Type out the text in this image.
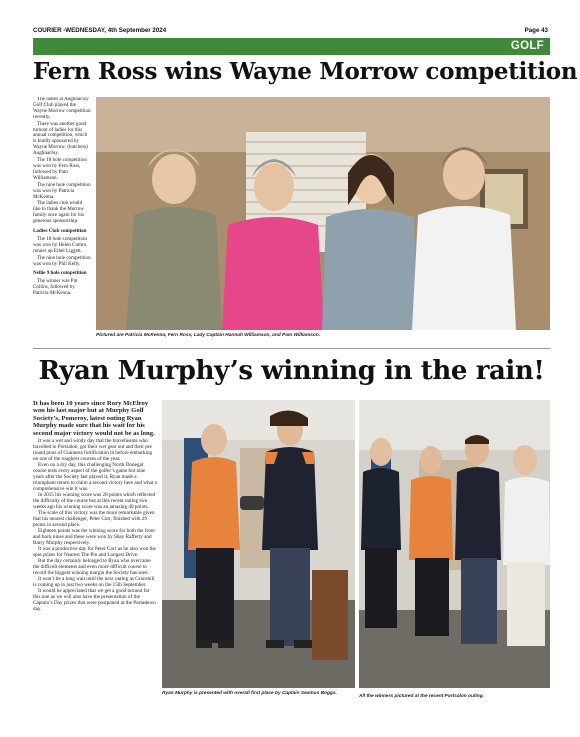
COURIER -WEDNESDAY, 4th September 2024	Page 43
GOLF
Fern Ross wins Wayne Morrow competition

The ladies at Aughnacloy Golf Club played the Wayne Morrow competition recently.

There was another good turnout of ladies for this annual competition, which is kindly sponsored by Wayne Morrow, (butchers) Aughnacloy.

The 18 hole competition was won by Fern Ross, followed by Pam Williamson.

The nine hole competition was won by Patricia McKenna.

The ladies club would like to thank the Morrow family once again for his generous sponsorship.

Ladies Club competition

The 18 hole competition was won by Helen Cuthro, runner up Ethel Liggett.

The nine hole competition was won by Phil Kelly.

Nellie 9 hole competition

The winner was Pat Collins, followed by Patricia McKenna.

Pictured are Patricia McKenna, Fern Ross, Lady Captain Hannah Williamson, and Pam Williamson.
Ryan Murphy’s winning in the rain!

It has been 10 years since Rory McElroy won his last major but at Murphy Golf Society’s, Pomeroy, latest outing Ryan Murphy made sure that his wait for his second major victory would not be as long.

It was a wet and windy day that the braveheams who travelled to Portsalon, got their wet gear out and their pre round pints of Guinness fortification in before embarking on one of the toughest courses of the year.

Even on a dry day, this challenging North Donegal course tests every aspect of the golfer’s game but nine years after the Society last played it, Ryan made a triumphant return to claim a second victory here and what a comprehensive win it was.

In 2015 his winning score was 28 points which reflected the difficulty of the course but at this recent outing two weeks ago his winning score was an amazing 40 points.

The scale of this victory was the more remarkable given that his nearest challenger, Peter Corr, finished with 29 points in second place.

Eighteen points was the winning score for both the front and back nines and these were won by Shay Rafferty and Barry Murphy respectively.

It was a productive day for Peter Corr as he also won the spot prizes for Nearest The Pin and Longest Drive.

But the day certainly belonged to Ryan who overcame the difficult elements and even more difficult course to record the biggest winning margin the Society has seen.

It won’t be a long wait until the next outing as Gracehill is coming up in just two weeks on the 15th September.

It would be appreciated that we get a good turnout for this one as we will also have the presentation of the Captain’s Day prizes that were postponed at the Portadown day.

Ryan Murphy is presented with overall first place by Captain Seamus Boggs.
All the winners pictured at the recent Portsalon outing.
